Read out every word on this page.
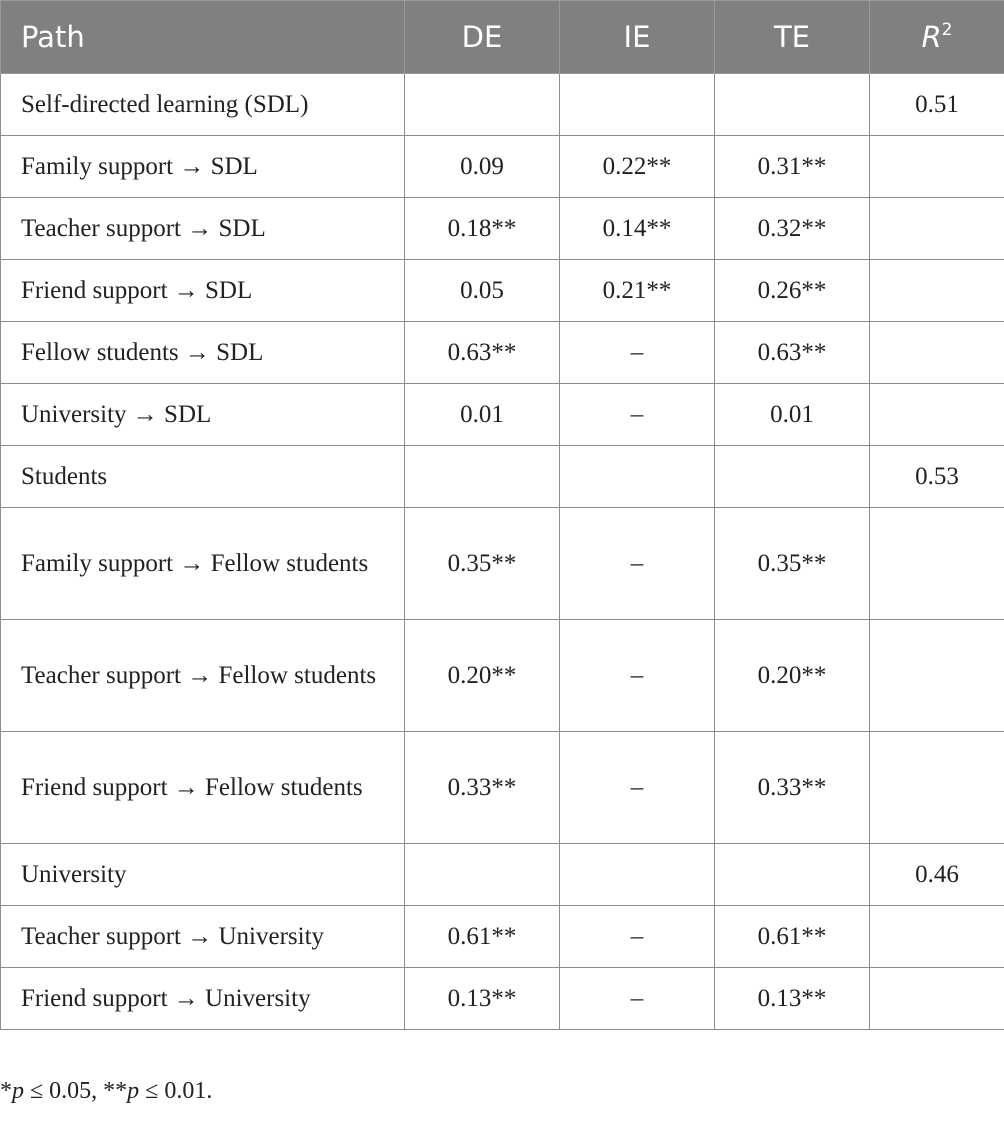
Path	DE	IE	TE	$R^2$
Self-directed learning (SDL)				0.51
Family support → SDL	0.09	0.22**	0.31**	
Teacher support → SDL	0.18**	0.14**	0.32**	
Friend support → SDL	0.05	0.21**	0.26**	
Fellow students → SDL	0.63**	–	0.63**	
University → SDL	0.01	–	0.01	
Students				0.53
Family support → Fellow students	0.35**	–	0.35**	
Teacher support → Fellow students	0.20**	–	0.20**	
Friend support → Fellow students	0.33**	–	0.33**	
University				0.46
Teacher support → University	0.61**	–	0.61**	
Friend support → University	0.13**	–	0.13**	
*p ≤ 0.05, **p ≤ 0.01.
